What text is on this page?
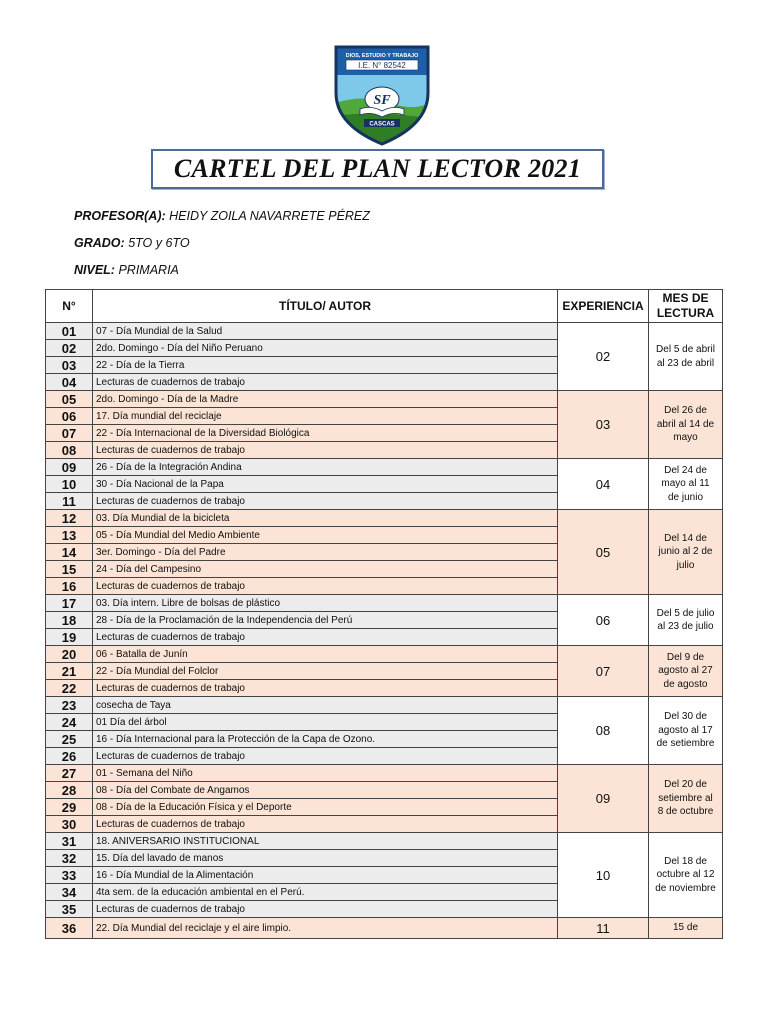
DIOS, ESTUDIO Y TRABAJO
I.E. N° 82542
SF
CASCAS
CARTEL DEL PLAN LECTOR 2021
PROFESOR(A): HEIDY ZOILA NAVARRETE PÉREZ
GRADO: 5TO y 6TO
NIVEL: PRIMARIA
N°	TÍTULO/ AUTOR	EXPERIENCIA	MES DE LECTURA
01	07 - Día Mundial de la Salud	02	Del 5 de abril al 23 de abril
02	2do. Domingo - Día del Niño Peruano		
03	22 - Día de la Tierra		
04	Lecturas de cuadernos de trabajo		
05	2do. Domingo - Día de la Madre	03	Del 26 de abril al 14 de mayo
06	17. Día mundial del reciclaje		
07	22 - Día Internacional de la Diversidad Biológica		
08	Lecturas de cuadernos de trabajo		
09	26 - Día de la Integración Andina	04	Del 24 de mayo al 11 de junio
10	30 - Día Nacional de la Papa		
11	Lecturas de cuadernos de trabajo		
12	03. Día Mundial de la bicicleta	05	Del 14 de junio al 2 de julio
13	05 - Día Mundial del Medio Ambiente		
14	3er. Domingo - Día del Padre		
15	24 - Día del Campesino		
16	Lecturas de cuadernos de trabajo		
17	03. Día intern. Libre de bolsas de plástico	06	Del 5 de julio al 23 de julio
18	28 - Día de la Proclamación de la Independencia del Perú		
19	Lecturas de cuadernos de trabajo		
20	06 - Batalla de Junín	07	Del 9 de agosto al 27 de agosto
21	22 - Día Mundial del Folclor		
22	Lecturas de cuadernos de trabajo		
23	cosecha de Taya	08	Del 30 de agosto al 17 de setiembre
24	01 Día del árbol		
25	16 - Día Internacional para la Protección de la Capa de Ozono.		
26	Lecturas de cuadernos de trabajo		
27	01 - Semana del Niño	09	Del 20 de setiembre al 8 de octubre
28	08 - Día del Combate de Angamos		
29	08 - Día de la Educación Física y el Deporte		
30	Lecturas de cuadernos de trabajo		
31	18. ANIVERSARIO INSTITUCIONAL	10	Del 18 de octubre al 12 de noviembre
32	15. Día del lavado de manos		
33	16 - Día Mundial de la Alimentación		
34	4ta sem. de la educación ambiental en el Perú.		
35	Lecturas de cuadernos de trabajo		
36	22. Día Mundial del reciclaje y el aire limpio.	11	15 de
